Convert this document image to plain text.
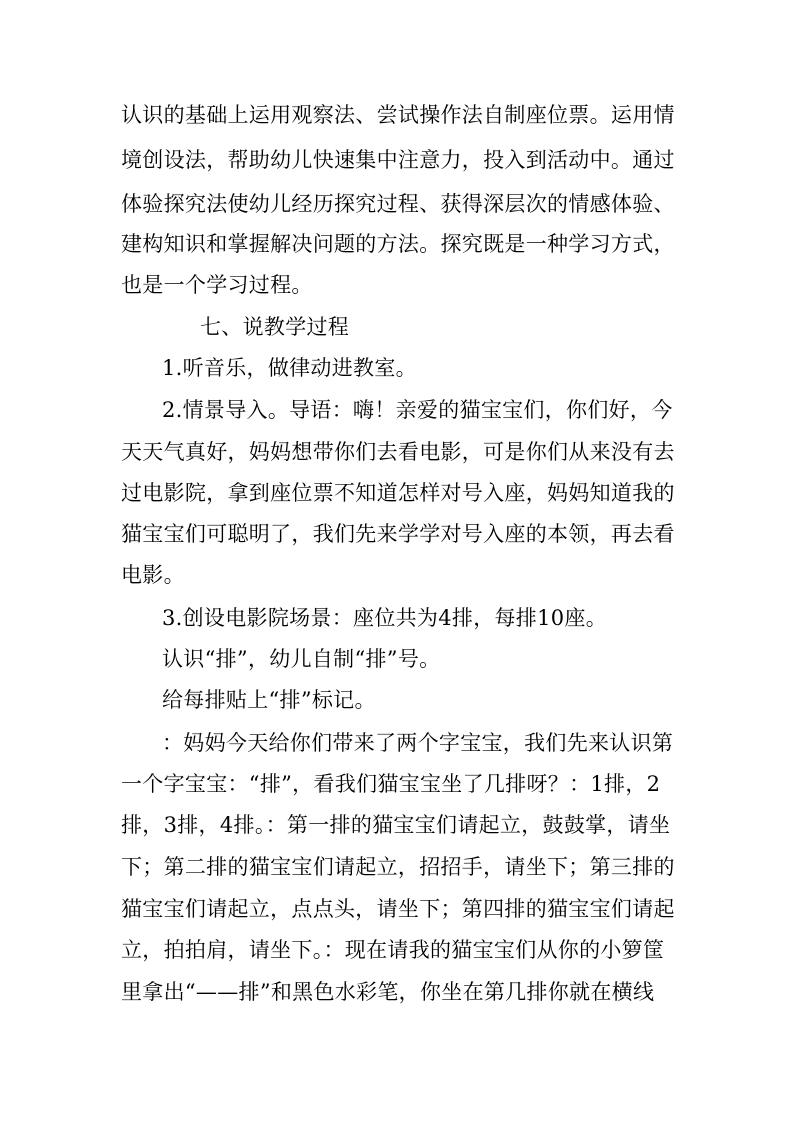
认识的基础上运用观察法、尝试操作法自制座位票。运用情
境创设法，帮助幼儿快速集中注意力，投入到活动中。通过
体验探究法使幼儿经历探究过程、获得深层次的情感体验、
建构知识和掌握解决问题的方法。探究既是一种学习方式，
也是一个学习过程。
七、说教学过程
1.听音乐，做律动进教室。
2.情景导入。导语：嗨！亲爱的猫宝宝们，你们好，今
天天气真好，妈妈想带你们去看电影，可是你们从来没有去
过电影院，拿到座位票不知道怎样对号入座，妈妈知道我的
猫宝宝们可聪明了，我们先来学学对号入座的本领，再去看
电影。
3.创设电影院场景：座位共为4排，每排10座。
认识“排”，幼儿自制“排”号。
给每排贴上“排”标记。
：妈妈今天给你们带来了两个字宝宝，我们先来认识第
一个字宝宝：“排”，看我们猫宝宝坐了几排呀？：1排，2
排，3排，4排。：第一排的猫宝宝们请起立，鼓鼓掌，请坐
下；第二排的猫宝宝们请起立，招招手，请坐下；第三排的
猫宝宝们请起立，点点头，请坐下；第四排的猫宝宝们请起
立，拍拍肩，请坐下。：现在请我的猫宝宝们从你的小箩筐
里拿出“——排”和黑色水彩笔，你坐在第几排你就在横线
